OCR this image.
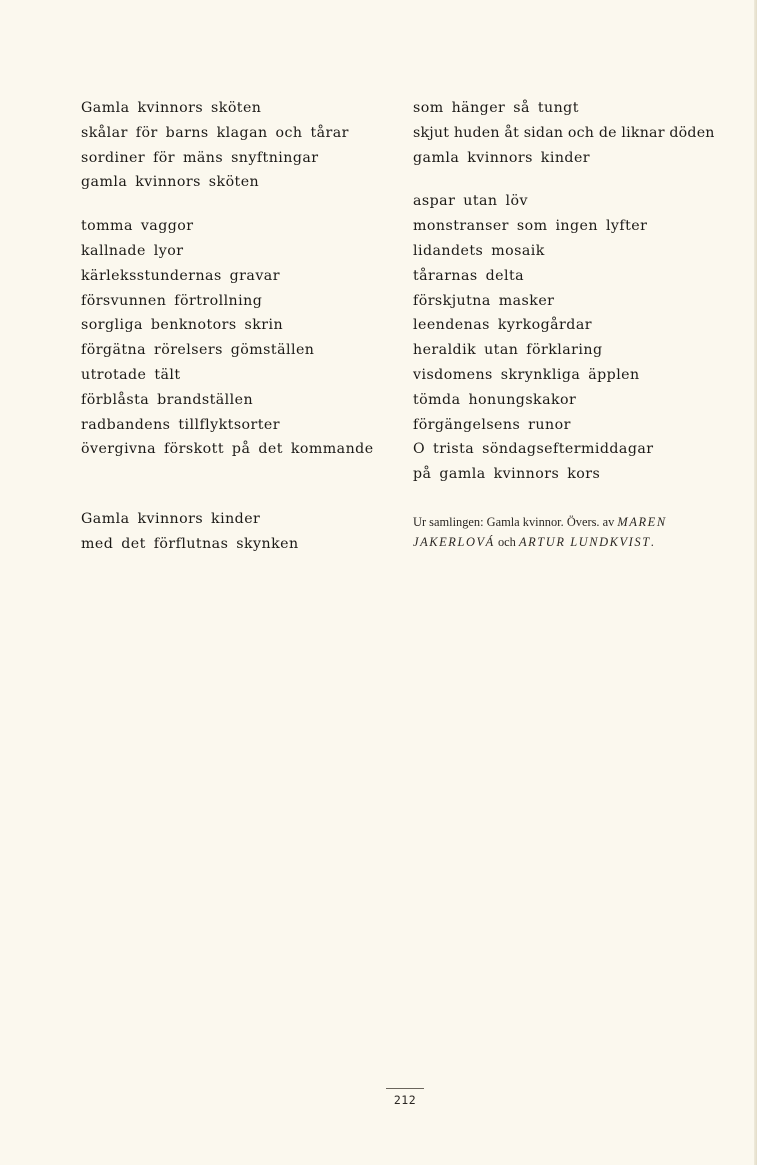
Gamla kvinnors sköten
skålar för barns klagan och tårar
sordiner för mäns snyftningar
gamla kvinnors sköten
tomma vaggor
kallnade lyor
kärleksstundernas gravar
försvunnen förtrollning
sorgliga benknotors skrin
förgätna rörelsers gömställen
utrotade tält
förblåsta brandställen
radbandens tillflyktsorter
övergivna förskott på det kommande
Gamla kvinnors kinder
med det förflutnas skynken
som hänger så tungt
skjut huden åt sidan och de liknar döden
gamla kvinnors kinder
aspar utan löv
monstranser som ingen lyfter
lidandets mosaik
tårarnas delta
förskjutna masker
leendenas kyrkogårdar
heraldik utan förklaring
visdomens skrynkliga äpplen
tömda honungskakor
förgängelsens runor
O trista söndagseftermiddagar
på gamla kvinnors kors
Ur samlingen: Gamla kvinnor. Övers. av MAREN JAKERLOVÁ och ARTUR LUNDKVIST.
212
